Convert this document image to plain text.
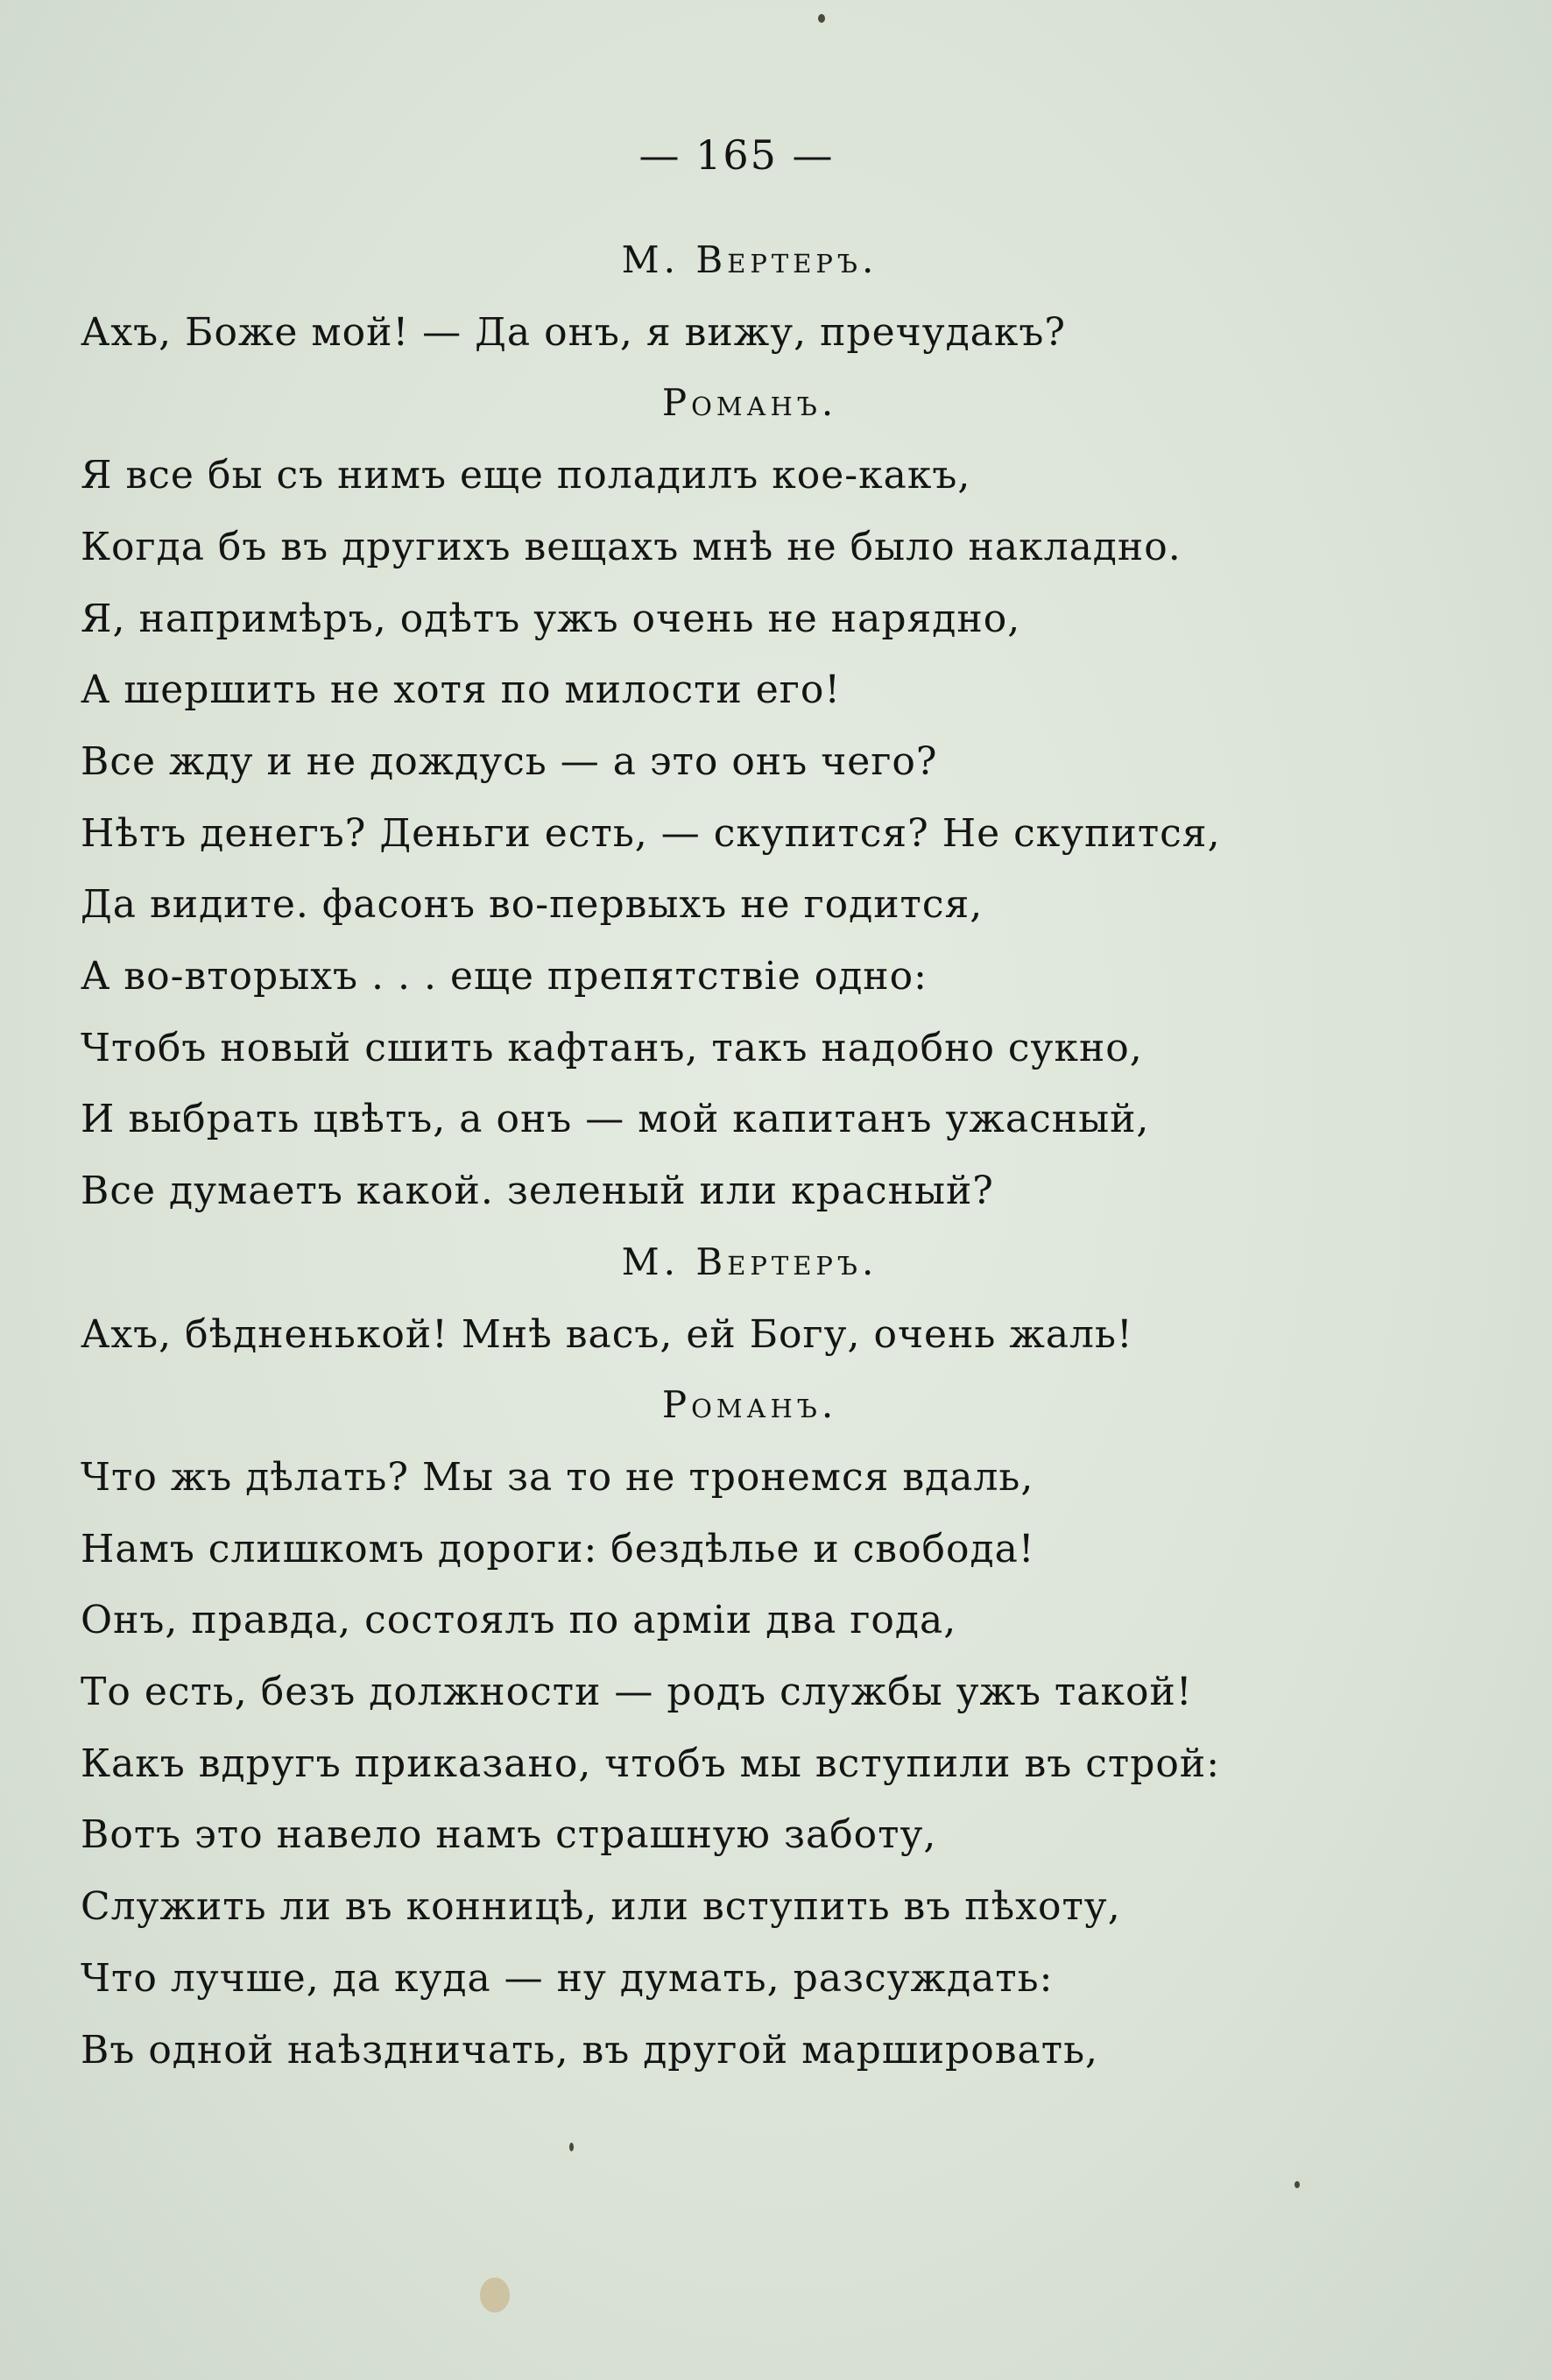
— 165 —
М. Вертеръ.
Ахъ, Боже мой! — Да онъ, я вижу, пречудакъ?
Романъ.
Я все бы съ нимъ еще поладилъ кое-какъ,
Когда бъ въ другихъ вещахъ мнѣ не было накладно.
Я, напримѣръ, одѣтъ ужъ очень не нарядно,
А шершить не хотя по милости его!
Все жду и не дождусь — а это онъ чего?
Нѣтъ денегъ? Деньги есть, — скупится? Не скупится,
Да видите. фасонъ во-первыхъ не годится,
А во-вторыхъ . . . еще препятствіе одно:
Чтобъ новый сшить кафтанъ, такъ надобно сукно,
И выбрать цвѣтъ, а онъ — мой капитанъ ужасный,
Все думаетъ какой. зеленый или красный?
М. Вертеръ.
Ахъ, бѣдненькой! Мнѣ васъ, ей Богу, очень жаль!
Романъ.
Что жъ дѣлать? Мы за то не тронемся вдаль,
Намъ слишкомъ дороги: бездѣлье и свобода!
Онъ, правда, состоялъ по арміи два года,
То есть, безъ должности — родъ службы ужъ такой!
Какъ вдругъ приказано, чтобъ мы вступили въ строй:
Вотъ это навело намъ страшную заботу,
Служить ли въ конницѣ, или вступить въ пѣхоту,
Что лучше, да куда — ну думать, разсуждать:
Въ одной наѣздничать, въ другой маршировать,
